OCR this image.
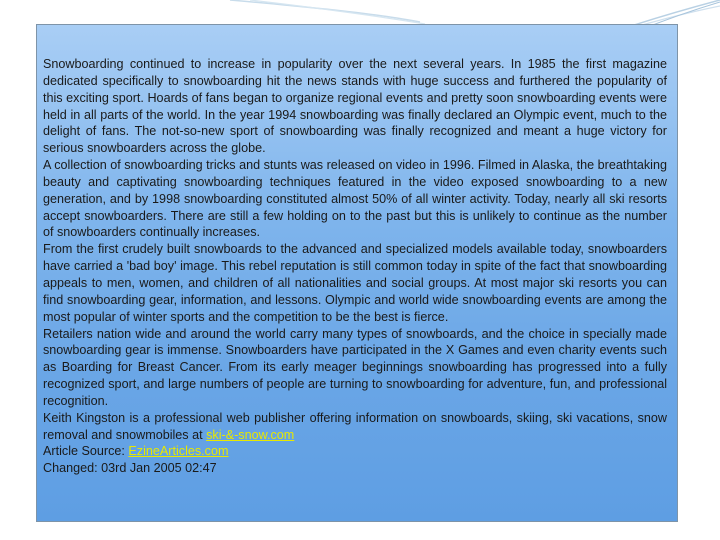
Snowboarding continued to increase in popularity over the next several years. In 1985 the first magazine dedicated specifically to snowboarding hit the news stands with huge success and furthered the popularity of this exciting sport. Hoards of fans began to organize regional events and pretty soon snowboarding events were held in all parts of the world. In the year 1994 snowboarding was finally declared an Olympic event, much to the delight of fans. The not-so-new sport of snowboarding was finally recognized and meant a huge victory for serious snowboarders across the globe.

A collection of snowboarding tricks and stunts was released on video in 1996. Filmed in Alaska, the breathtaking beauty and captivating snowboarding techniques featured in the video exposed snowboarding to a new generation, and by 1998 snowboarding constituted almost 50% of all winter activity. Today, nearly all ski resorts accept snowboarders. There are still a few holding on to the past but this is unlikely to continue as the number of snowboarders continually increases.

From the first crudely built snowboards to the advanced and specialized models available today, snowboarders have carried a 'bad boy' image. This rebel reputation is still common today in spite of the fact that snowboarding appeals to men, women, and children of all nationalities and social groups. At most major ski resorts you can find snowboarding gear, information, and lessons. Olympic and world wide snowboarding events are among the most popular of winter sports and the competition to be the best is fierce.

Retailers nation wide and around the world carry many types of snowboards, and the choice in specially made snowboarding gear is immense. Snowboarders have participated in the X Games and even charity events such as Boarding for Breast Cancer. From its early meager beginnings snowboarding has progressed into a fully recognized sport, and large numbers of people are turning to snowboarding for adventure, fun, and professional recognition.

Keith Kingston is a professional web publisher offering information on snowboards, skiing, ski vacations, snow removal and snowmobiles at ski-&-snow.com

Article Source: EzineArticles.com

Changed: 03rd Jan 2005 02:47
